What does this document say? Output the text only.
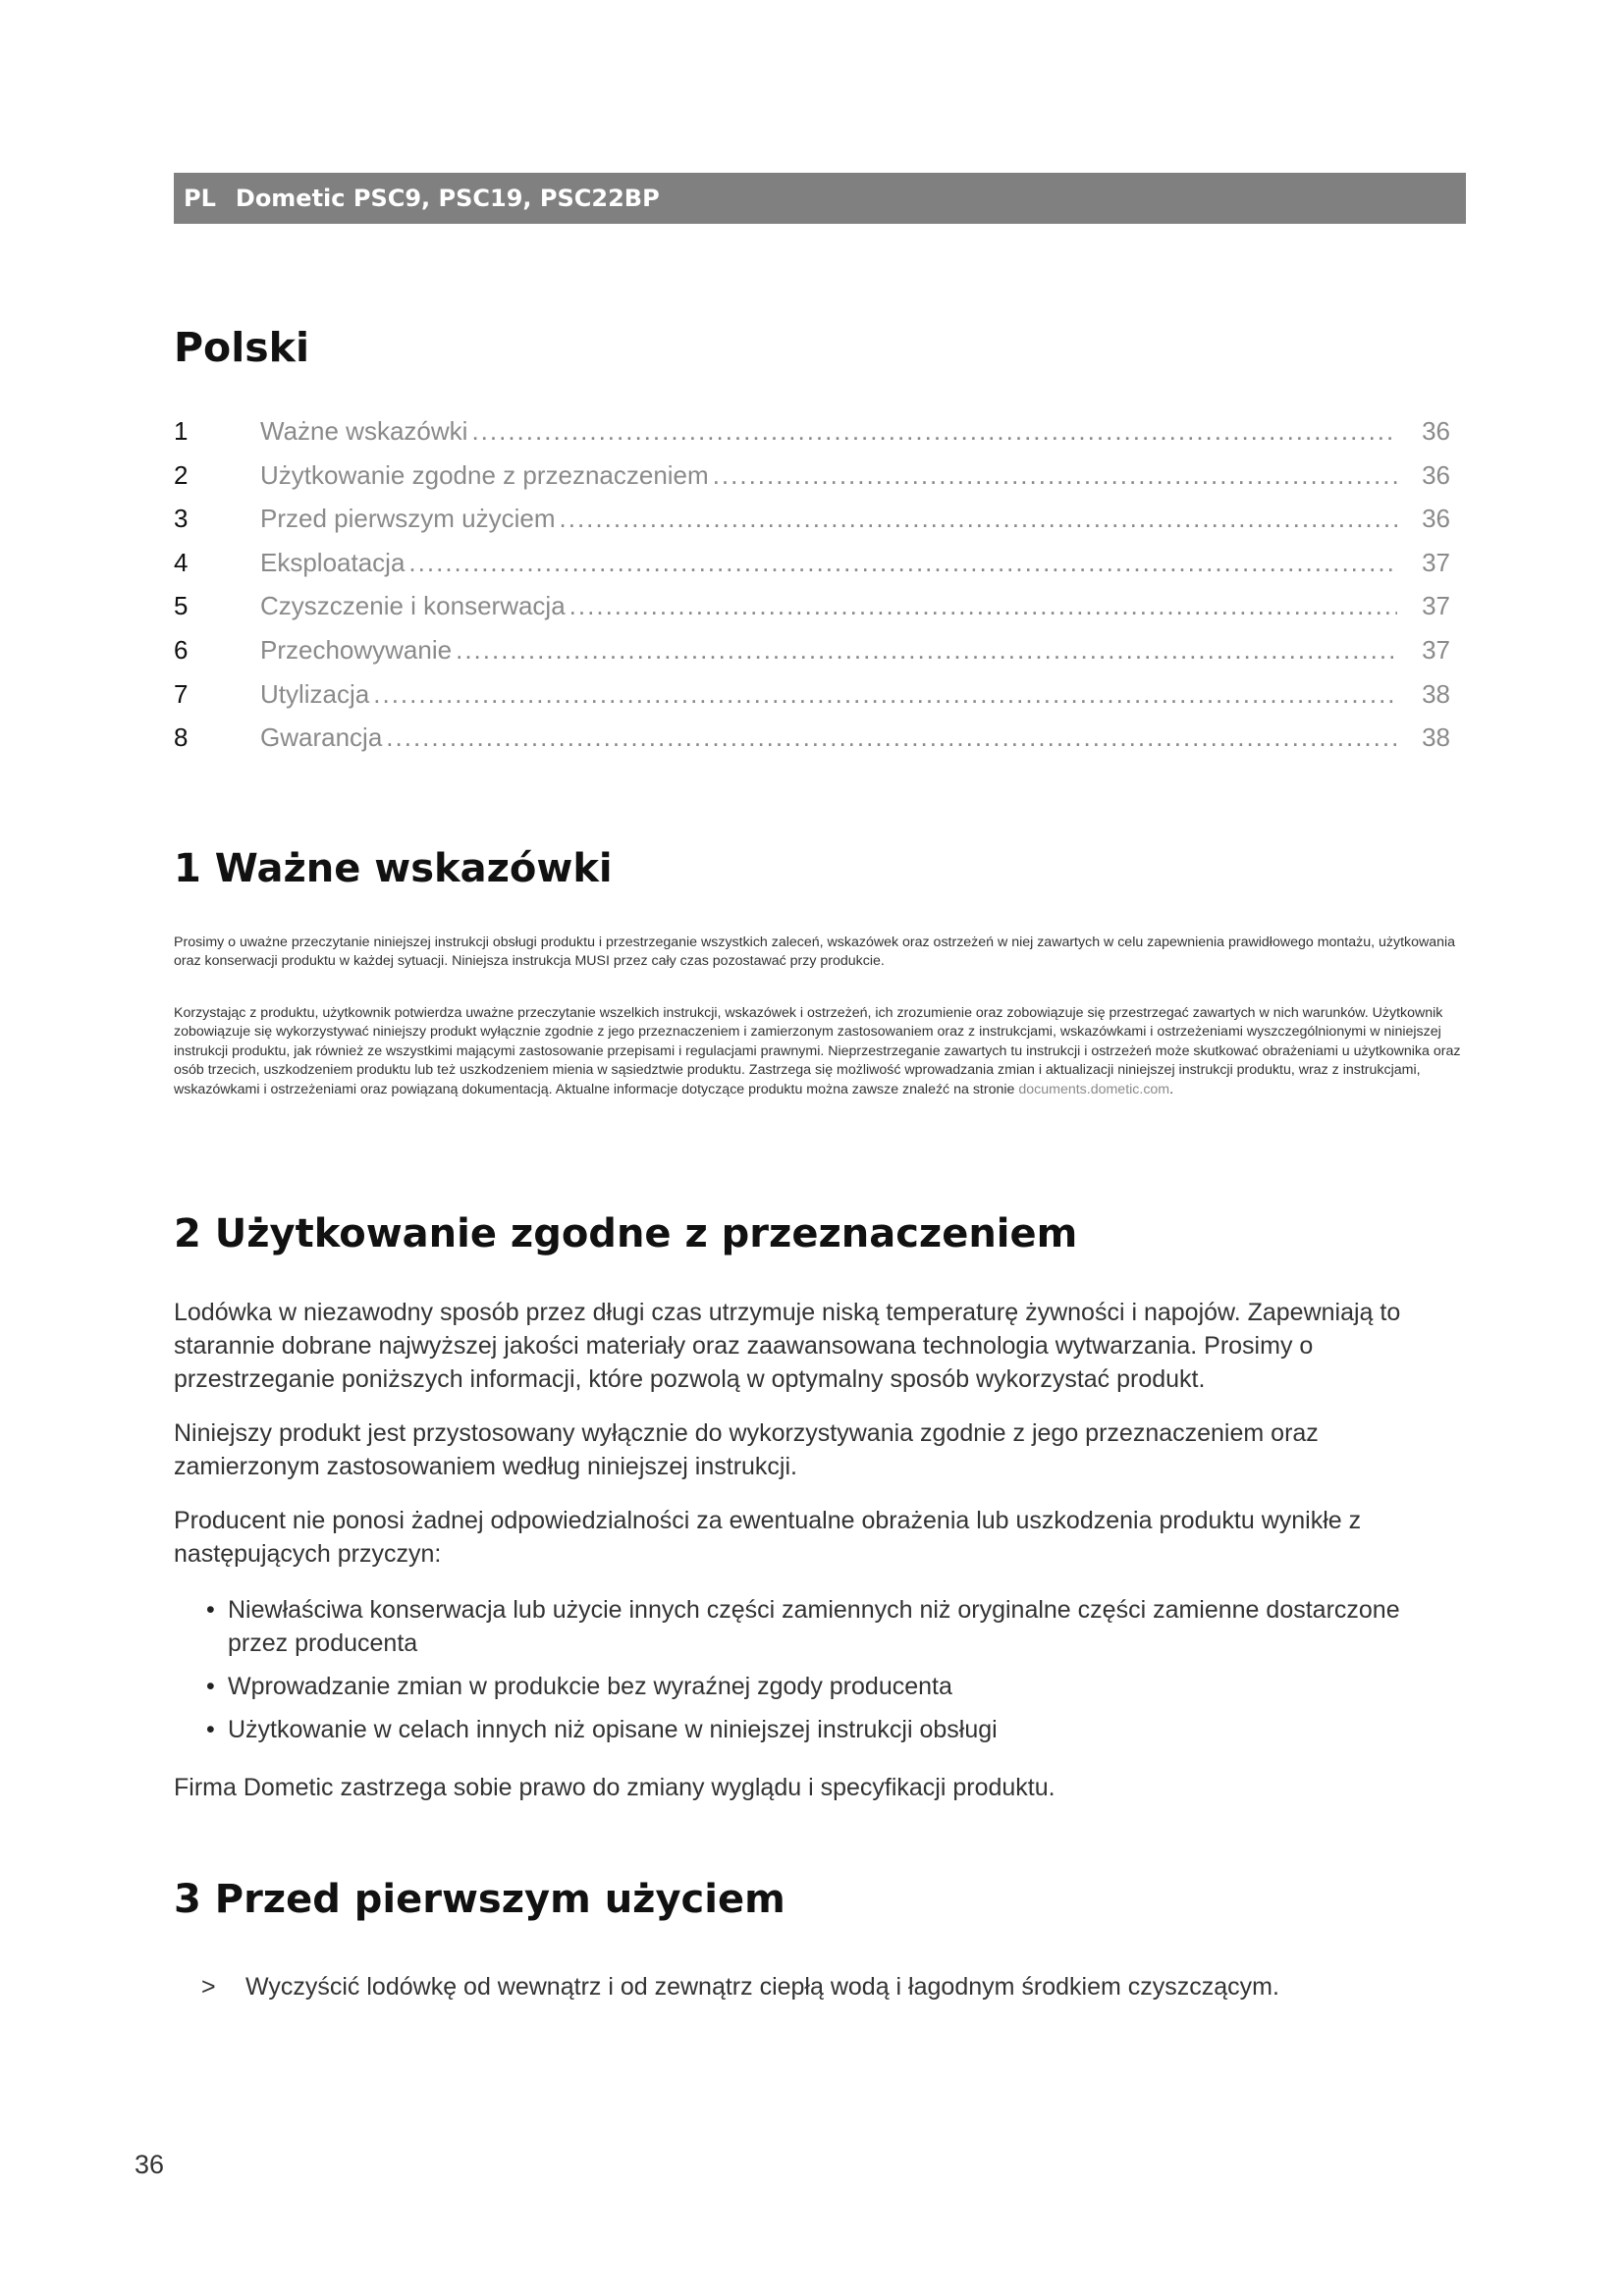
PL Dometic PSC9, PSC19, PSC22BP
Polski
1	Ważne wskazówki .....	36
2	Użytkowanie zgodne z przeznaczeniem .....	36
3	Przed pierwszym użyciem .....	36
4	Eksploatacja .....	37
5	Czyszczenie i konserwacja .....	37
6	Przechowywanie .....	37
7	Utylizacja .....	38
8	Gwarancja .....	38
1 Ważne wskazówki

Prosimy o uważne przeczytanie niniejszej instrukcji obsługi produktu i przestrzeganie wszystkich zaleceń, wskazówek oraz ostrzeżeń w niej zawartych w celu zapewnienia prawidłowego montażu, użytkowania oraz konserwacji produktu w każdej sytuacji. Niniejsza instrukcja MUSI przez cały czas pozostawać przy produkcie.

Korzystając z produktu, użytkownik potwierdza uważne przeczytanie wszelkich instrukcji, wskazówek i ostrzeżeń, ich zrozumienie oraz zobowiązuje się przestrzegać zawartych w nich warunków. Użytkownik zobowiązuje się wykorzystywać niniejszy produkt wyłącznie zgodnie z jego przeznaczeniem i zamierzonym zastosowaniem oraz z instrukcjami, wskazówkami i ostrzeżeniami wyszczególnionymi w niniejszej instrukcji produktu, jak również ze wszystkimi mającymi zastosowanie przepisami i regulacjami prawnymi. Nieprzestrzeganie zawartych tu instrukcji i ostrzeżeń może skutkować obrażeniami u użytkownika oraz osób trzecich, uszkodzeniem produktu lub też uszkodzeniem mienia w sąsiedztwie produktu. Zastrzega się możliwość wprowadzania zmian i aktualizacji niniejszej instrukcji produktu, wraz z instrukcjami, wskazówkami i ostrzeżeniami oraz powiązaną dokumentacją. Aktualne informacje dotyczące produktu można zawsze znaleźć na stronie documents.dometic.com.

2 Użytkowanie zgodne z przeznaczeniem

Lodówka w niezawodny sposób przez długi czas utrzymuje niską temperaturę żywności i napojów. Zapewniają to starannie dobrane najwyższej jakości materiały oraz zaawansowana technologia wytwarzania. Prosimy o przestrzeganie poniższych informacji, które pozwolą w optymalny sposób wykorzystać produkt.

Niniejszy produkt jest przystosowany wyłącznie do wykorzystywania zgodnie z jego przeznaczeniem oraz zamierzonym zastosowaniem według niniejszej instrukcji.

Producent nie ponosi żadnej odpowiedzialności za ewentualne obrażenia lub uszkodzenia produktu wynikłe z następujących przyczyn:

• Niewłaściwa konserwacja lub użycie innych części zamiennych niż oryginalne części zamienne dostarczone przez producenta
• Wprowadzanie zmian w produkcie bez wyraźnej zgody producenta
• Użytkowanie w celach innych niż opisane w niniejszej instrukcji obsługi

Firma Dometic zastrzega sobie prawo do zmiany wyglądu i specyfikacji produktu.

3 Przed pierwszym użyciem
>	Wyczyścić lodówkę od wewnątrz i od zewnątrz ciepłą wodą i łagodnym środkiem czyszczącym.
36
